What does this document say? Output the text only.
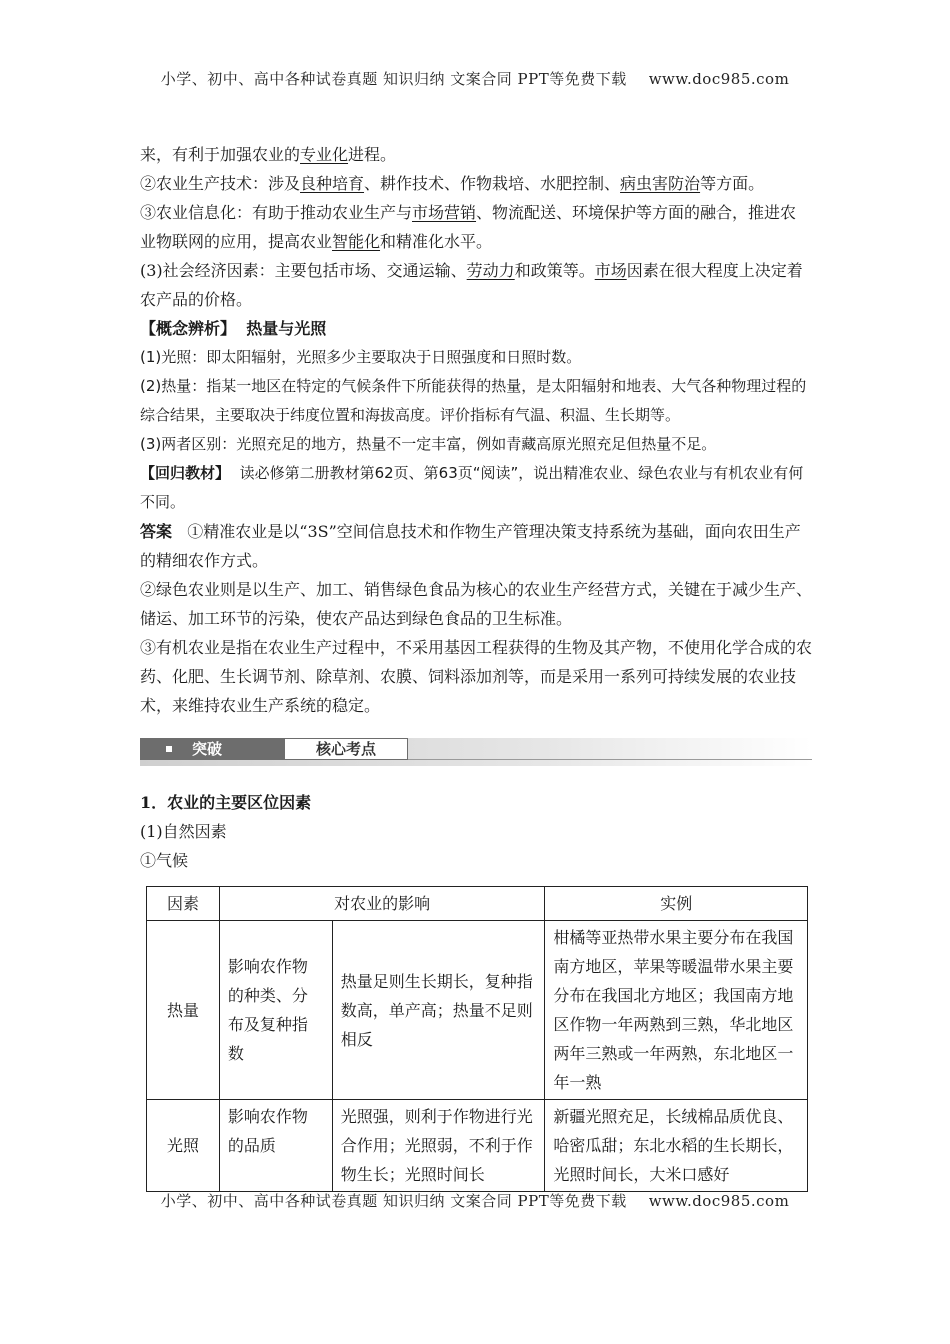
小学、初中、高中各种试卷真题 知识归纳 文案合同 PPT等免费下载 www.doc985.com

来，有利于加强农业的专业化进程。

②农业生产技术：涉及良种培育、耕作技术、作物栽培、水肥控制、病虫害防治等方面。

③农业信息化：有助于推动农业生产与市场营销、物流配送、环境保护等方面的融合，推进农业物联网的应用，提高农业智能化和精准化水平。

(3)社会经济因素：主要包括市场、交通运输、劳动力和政策等。市场因素在很大程度上决定着农产品的价格。

【概念辨析】 热量与光照

(1)光照：即太阳辐射，光照多少主要取决于日照强度和日照时数。

(2)热量：指某一地区在特定的气候条件下所能获得的热量，是太阳辐射和地表、大气各种物理过程的综合结果，主要取决于纬度位置和海拔高度。评价指标有气温、积温、生长期等。

(3)两者区别：光照充足的地方，热量不一定丰富，例如青藏高原光照充足但热量不足。

【回归教材】 读必修第二册教材第62页、第63页“阅读”，说出精准农业、绿色农业与有机农业有何不同。

答案 ①精准农业是以“3S”空间信息技术和作物生产管理决策支持系统为基础，面向农田生产的精细农作方式。

②绿色农业则是以生产、加工、销售绿色食品为核心的农业生产经营方式，关键在于减少生产、储运、加工环节的污染，使农产品达到绿色食品的卫生标准。

③有机农业是指在农业生产过程中，不采用基因工程获得的生物及其产物，不使用化学合成的农药、化肥、生长调节剂、除草剂、农膜、饲料添加剂等，而是采用一系列可持续发展的农业技术，来维持农业生产系统的稳定。

突破	核心考点

1．农业的主要区位因素

(1)自然因素

①气候

因素	对农业的影响		实例
热量	影响农作物的种类、分布及复种指数	热量足则生长期长，复种指数高，单产高；热量不足则相反	柑橘等亚热带水果主要分布在我国南方地区，苹果等暖温带水果主要分布在我国北方地区；我国南方地区作物一年两熟到三熟，华北地区两年三熟或一年两熟，东北地区一年一熟
光照	影响农作物的品质	光照强，则利于作物进行光合作用；光照弱，不利于作物生长；光照时间长	新疆光照充足，长绒棉品质优良、哈密瓜甜；东北水稻的生长期长，光照时间长，大米口感好
小学、初中、高中各种试卷真题 知识归纳 文案合同 PPT等免费下载 www.doc985.com
